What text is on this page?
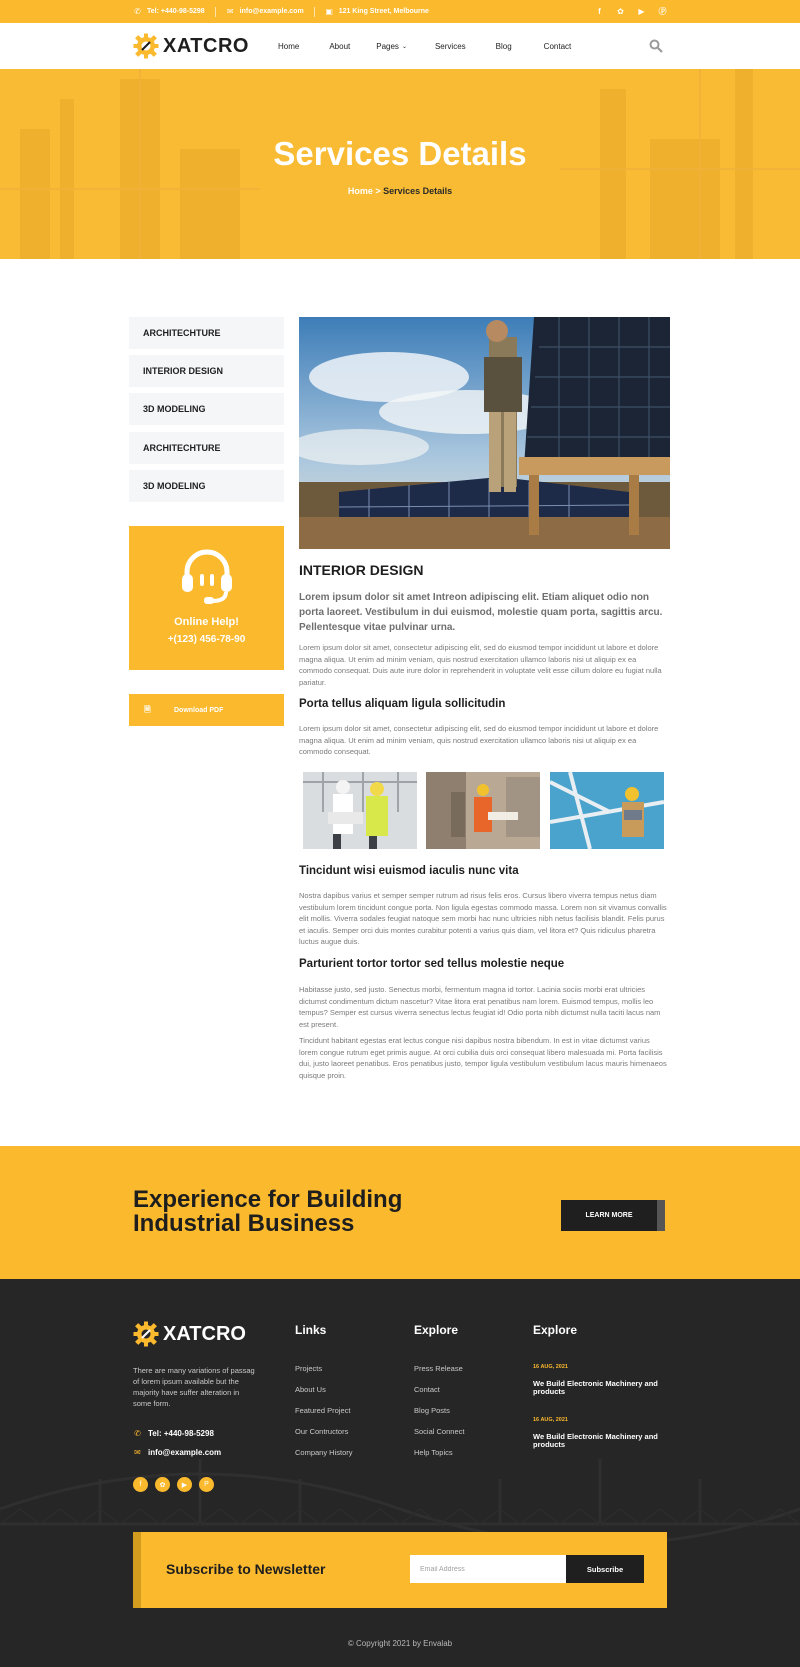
✆ Tel: +440-98-5298	✉ info@example.com	▣ 121 King Street, Melbourne	f	✿ ▶ Ⓟ
XATCRO	Home	About	Pages ⌄	Services	Blog	Contact
Services Details
Home > Services Details
ARCHITECHTURE
INTERIOR DESIGN
3D MODELING
ARCHITECHTURE
3D MODELING
Online Help!
+(123) 456-78-90
🗎	Download PDF
INTERIOR DESIGN

Lorem ipsum dolor sit amet Intreon adipiscing elit. Etiam aliquet odio non porta laoreet. Vestibulum in dui euismod, molestie quam porta, sagittis arcu. Pellentesque vitae pulvinar urna.

Lorem ipsum dolor sit amet, consectetur adipiscing elit, sed do eiusmod tempor incididunt ut labore et dolore magna aliqua. Ut enim ad minim veniam, quis nostrud exercitation ullamco laboris nisi ut aliquip ex ea commodo consequat. Duis aute irure dolor in reprehenderit in voluptate velit esse cillum dolore eu fugiat nulla pariatur.

Porta tellus aliquam ligula sollicitudin

Lorem ipsum dolor sit amet, consectetur adipiscing elit, sed do eiusmod tempor incididunt ut labore et dolore magna aliqua. Ut enim ad minim veniam, quis nostrud exercitation ullamco laboris nisi ut aliquip ex ea commodo consequat.

Tincidunt wisi euismod iaculis nunc vita

Nostra dapibus varius et semper semper rutrum ad risus felis eros. Cursus libero viverra tempus netus diam vestibulum lorem tincidunt congue porta. Non ligula egestas commodo massa. Lorem non sit vivamus convallis elit mollis. Viverra sodales feugiat natoque sem morbi hac nunc ultricies nibh netus facilisis blandit. Felis purus et iaculis. Semper orci duis montes curabitur potenti a varius quis diam, vel litora et? Quis ridiculus pharetra luctus augue duis.

Parturient tortor tortor sed tellus molestie neque

Habitasse justo, sed justo. Senectus morbi, fermentum magna id tortor. Lacinia sociis morbi erat ultricies dictumst condimentum dictum nascetur? Vitae litora erat penatibus nam lorem. Euismod tempus, mollis leo tempus? Semper est cursus viverra senectus lectus feugiat id! Odio porta nibh dictumst nulla taciti lacus nam est present.

Tincidunt habitant egestas erat lectus congue nisi dapibus nostra bibendum. In est in vitae dictumst varius lorem congue rutrum eget primis augue. At orci cubilia duis orci consequat libero malesuada mi. Porta facilisis dui, justo laoreet penatibus. Eros penatibus justo, tempor ligula vestibulum vestibulum lacus mauris himenaeos quisque proin.

Experience for Building
Industrial Business	LEARN MORE
XATCRO

There are many variations of passag of lorem ipsum available but the majority have suffer alteration in some form.

✆ Tel: +440-98-5298
✉ info@example.com
f	✿	▶	P
Links
Projects
About Us
Featured Project
Our Contructors
Company History
Explore
Press Release
Contact
Blog Posts
Social Connect
Help Topics
Explore
16 AUG, 2021
We Build Electronic Machinery and products
16 AUG, 2021
We Build Electronic Machinery and products
Subscribe to Newsletter
Email Address	Subscribe
© Copyright 2021 by Envalab
